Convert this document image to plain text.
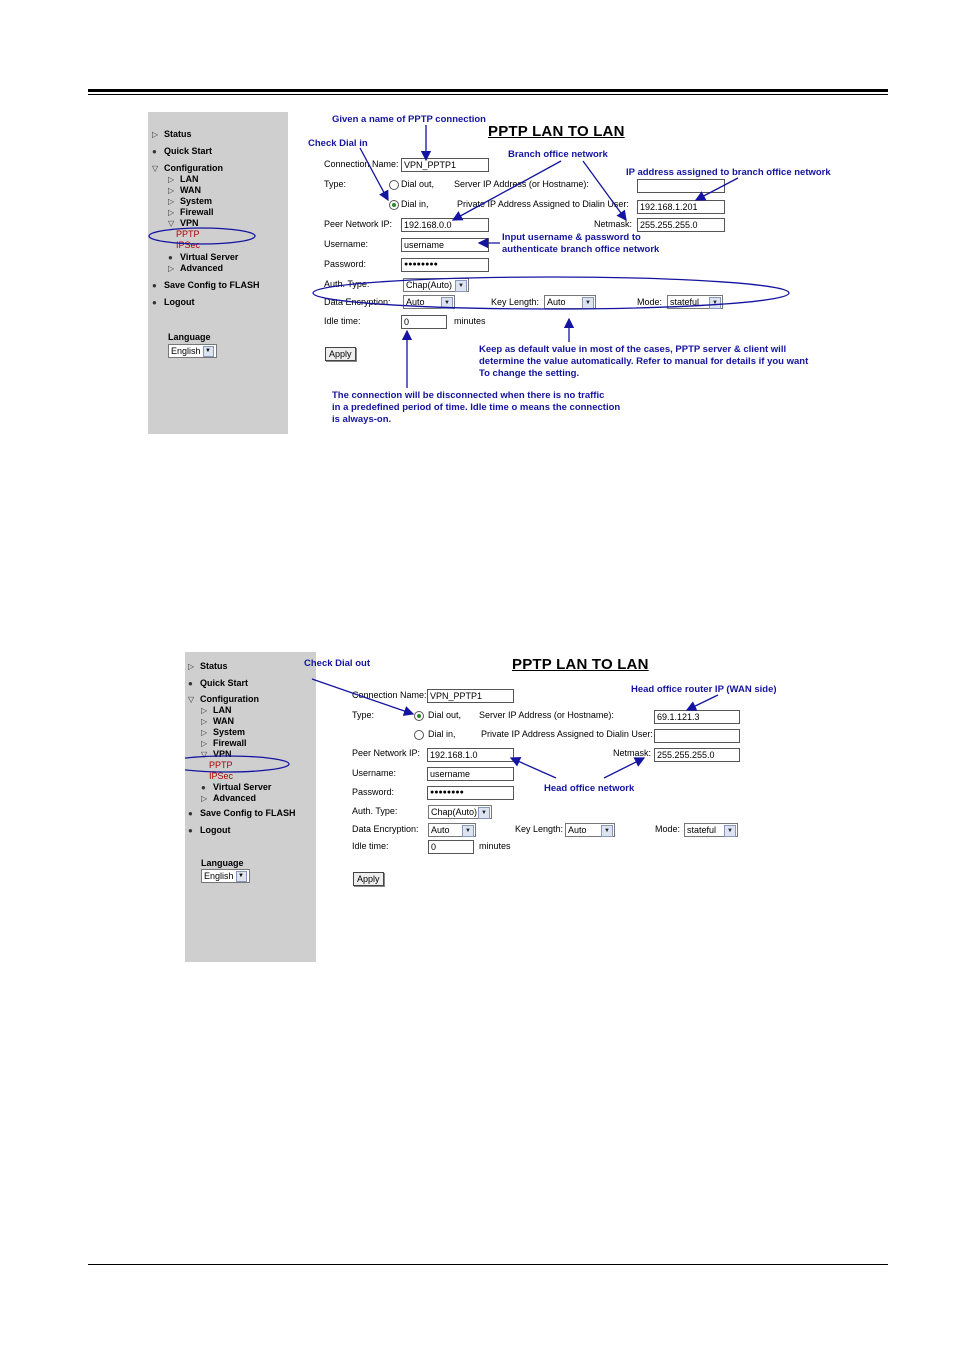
▷ Status
● Quick Start
▽ Configuration
▷ LAN
▷ WAN
▷ System
▷ Firewall
▽ VPN
PPTP
IPSec
● Virtual Server
▷ Advanced
● Save Config to FLASH
● Logout
Language
English ▼
PPTP LAN TO LAN
Connection Name: VPN_PPTP1
Type:	Dial out, Server IP Address (or Hostname):
Dial in,	Private IP Address Assigned to Dialin User:	192.168.1.201
Peer Network IP:	192.168.0.0	Netmask: 255.255.255.0
Username:	username
Password:	●●●●●●●●
Auth. Type:	Chap(Auto) ▼
Data Encryption:	Auto	▼	Key Length: Auto	▼	Mode: stateful	▼
Idle time:	0	minutes
Apply
Given a name of PPTP connection
Check Dial in
Branch office network
IP address assigned to branch office network
Input username & password to
authenticate branch office network
Keep as default value in most of the cases, PPTP server & client will
determine the value automatically. Refer to manual for details if you want
To change the setting.
The connection will be disconnected when there is no traffic
in a predefined period of time. Idle time o means the connection
is always-on.
▷ Status
● Quick Start
▽ Configuration
▷ LAN
▷ WAN
▷ System
▷ Firewall
▽ VPN
PPTP
IPSec
● Virtual Server
▷ Advanced
● Save Config to FLASH
● Logout
Language
English ▼
PPTP LAN TO LAN
Connection Name: VPN_PPTP1
Type:	Dial out, Server IP Address (or Hostname):	69.1.121.3
Dial in,	Private IP Address Assigned to Dialin User:
Peer Network IP:	192.168.1.0	Netmask: 255.255.255.0
Username:	username
Password:	●●●●●●●●
Auth. Type:	Chap(Auto) ▼
Data Encryption:	Auto	▼	Key Length: Auto	▼	Mode: stateful	▼
Idle time:	0	minutes
Apply
Check Dial out
Head office router IP (WAN side)
Head office network
